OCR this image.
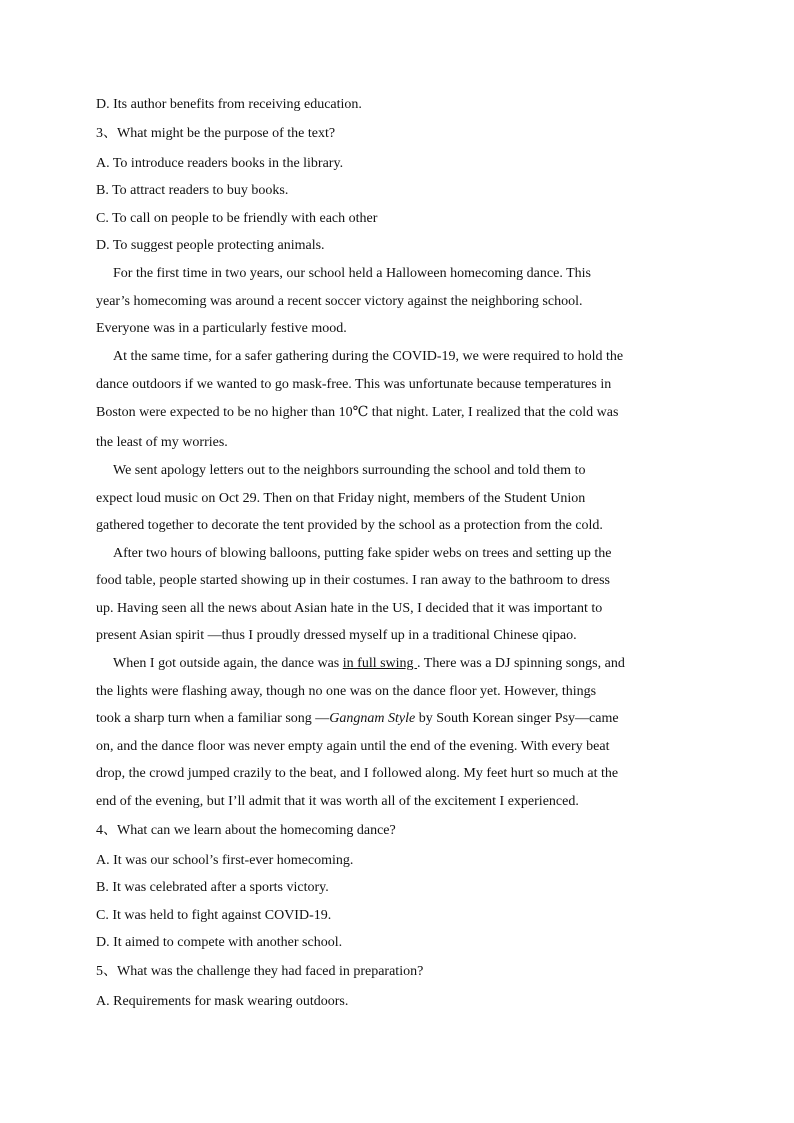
D. Its author benefits from receiving education.
3、What might be the purpose of the text?
A. To introduce readers books in the library.
B. To attract readers to buy books.
C. To call on people to be friendly with each other
D. To suggest people protecting animals.
For the first time in two years, our school held a Halloween homecoming dance. This
year’s homecoming was around a recent soccer victory against the neighboring school.
Everyone was in a particularly festive mood.
At the same time, for a safer gathering during the COVID-19, we were required to hold the
dance outdoors if we wanted to go mask-free. This was unfortunate because temperatures in
Boston were expected to be no higher than 10℃ that night. Later, I realized that the cold was
the least of my worries.
We sent apology letters out to the neighbors surrounding the school and told them to
expect loud music on Oct 29. Then on that Friday night, members of the Student Union
gathered together to decorate the tent provided by the school as a protection from the cold.
After two hours of blowing balloons, putting fake spider webs on trees and setting up the
food table, people started showing up in their costumes. I ran away to the bathroom to dress
up. Having seen all the news about Asian hate in the US, I decided that it was important to
present Asian spirit —thus I proudly dressed myself up in a traditional Chinese qipao.
When I got outside again, the dance was in full swing . There was a DJ spinning songs, and
the lights were flashing away, though no one was on the dance floor yet. However, things
took a sharp turn when a familiar song —Gangnam Style by South Korean singer Psy—came
on, and the dance floor was never empty again until the end of the evening. With every beat
drop, the crowd jumped crazily to the beat, and I followed along. My feet hurt so much at the
end of the evening, but I’ll admit that it was worth all of the excitement I experienced.
4、What can we learn about the homecoming dance?
A. It was our school’s first-ever homecoming.
B. It was celebrated after a sports victory.
C. It was held to fight against COVID-19.
D. It aimed to compete with another school.
5、What was the challenge they had faced in preparation?
A. Requirements for mask wearing outdoors.
